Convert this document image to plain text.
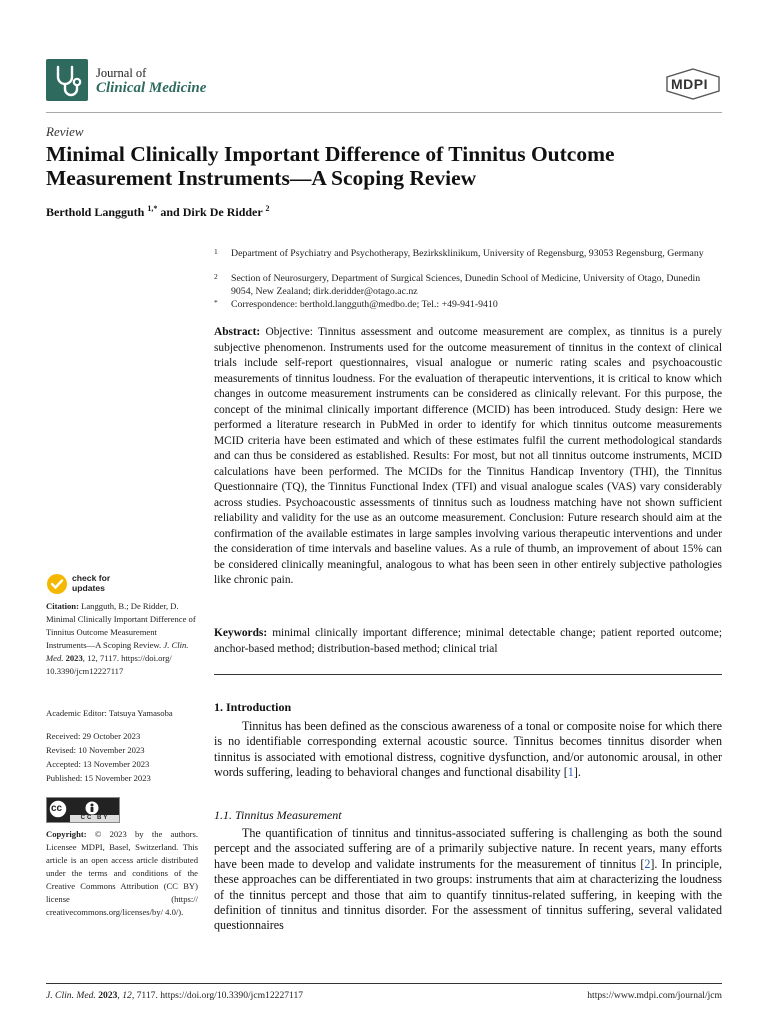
Journal of
Clinical Medicine	MDPI
Review
Minimal Clinically Important Difference of Tinnitus Outcome Measurement Instruments—A Scoping Review
Berthold Langguth $^{1,*}$ and Dirk De Ridder $^2$
1 Department of Psychiatry and Psychotherapy, Bezirksklinikum, University of Regensburg, 93053 Regensburg, Germany
2 Section of Neurosurgery, Department of Surgical Sciences, Dunedin School of Medicine, University of Otago, Dunedin 9054, New Zealand; dirk.deridder@otago.ac.nz
* Correspondence: berthold.langguth@medbo.de; Tel.: +49-941-9410
Abstract: Objective: Tinnitus assessment and outcome measurement are complex, as tinnitus is a purely subjective phenomenon. Instruments used for the outcome measurement of tinnitus in the context of clinical trials include self-report questionnaires, visual analogue or numeric rating scales and psychoacoustic measurements of tinnitus loudness. For the evaluation of therapeutic interventions, it is critical to know which changes in outcome measurement instruments can be considered as clinically relevant. For this purpose, the concept of the minimal clinically important difference (MCID) has been introduced. Study design: Here we performed a literature research in PubMed in order to identify for which tinnitus outcome measurements MCID criteria have been estimated and which of these estimates fulfil the current methodological standards and can thus be considered as established. Results: For most, but not all tinnitus outcome instruments, MCID calculations have been performed. The MCIDs for the Tinnitus Handicap Inventory (THI), the Tinnitus Questionnaire (TQ), the Tinnitus Functional Index (TFI) and visual analogue scales (VAS) vary considerably across studies. Psychoacoustic assessments of tinnitus such as loudness matching have not shown sufficient reliability and validity for the use as an outcome measurement. Conclusion: Future research should aim at the confirmation of the available estimates in large samples involving various therapeutic interventions and under the consideration of time intervals and baseline values. As a rule of thumb, an improvement of about 15% can be considered clinically meaningful, analogous to what has been seen in other entirely subjective pathologies like chronic pain.
Keywords: minimal clinically important difference; minimal detectable change; patient reported outcome; anchor-based method; distribution-based method; clinical trial
1. Introduction
Tinnitus has been defined as the conscious awareness of a tonal or composite noise for which there is no identifiable corresponding external acoustic source. Tinnitus becomes tinnitus disorder when tinnitus is associated with emotional distress, cognitive dysfunction, and/or autonomic arousal, in other words suffering, leading to behavioral changes and functional disability [1].
1.1. Tinnitus Measurement
The quantification of tinnitus and tinnitus-associated suffering is challenging as both the sound percept and the associated suffering are of a primarily subjective nature. In recent years, many efforts have been made to develop and validate instruments for the measurement of tinnitus [2]. In principle, these approaches can be differentiated in two groups: instruments that aim at characterizing the loudness of the tinnitus percept and those that aim to quantify tinnitus-related suffering, in keeping with the definition of tinnitus and tinnitus disorder. For the assessment of tinnitus suffering, several validated questionnaires
check for
updates
Citation: Langguth, B.; De Ridder, D. Minimal Clinically Important Difference of Tinnitus Outcome Measurement Instruments—A Scoping Review. J. Clin. Med. 2023, 12, 7117. https://doi.org/ 10.3390/jcm12227117
Academic Editor: Tatsuya Yamasoba
Received: 29 October 2023
Revised: 10 November 2023
Accepted: 13 November 2023
Published: 15 November 2023
cc
CC BY
Copyright: © 2023 by the authors. Licensee MDPI, Basel, Switzerland. This article is an open access article distributed under the terms and conditions of the Creative Commons Attribution (CC BY) license (https:// creativecommons.org/licenses/by/ 4.0/).
J. Clin. Med. 2023, 12, 7117. https://doi.org/10.3390/jcm12227117	https://www.mdpi.com/journal/jcm
